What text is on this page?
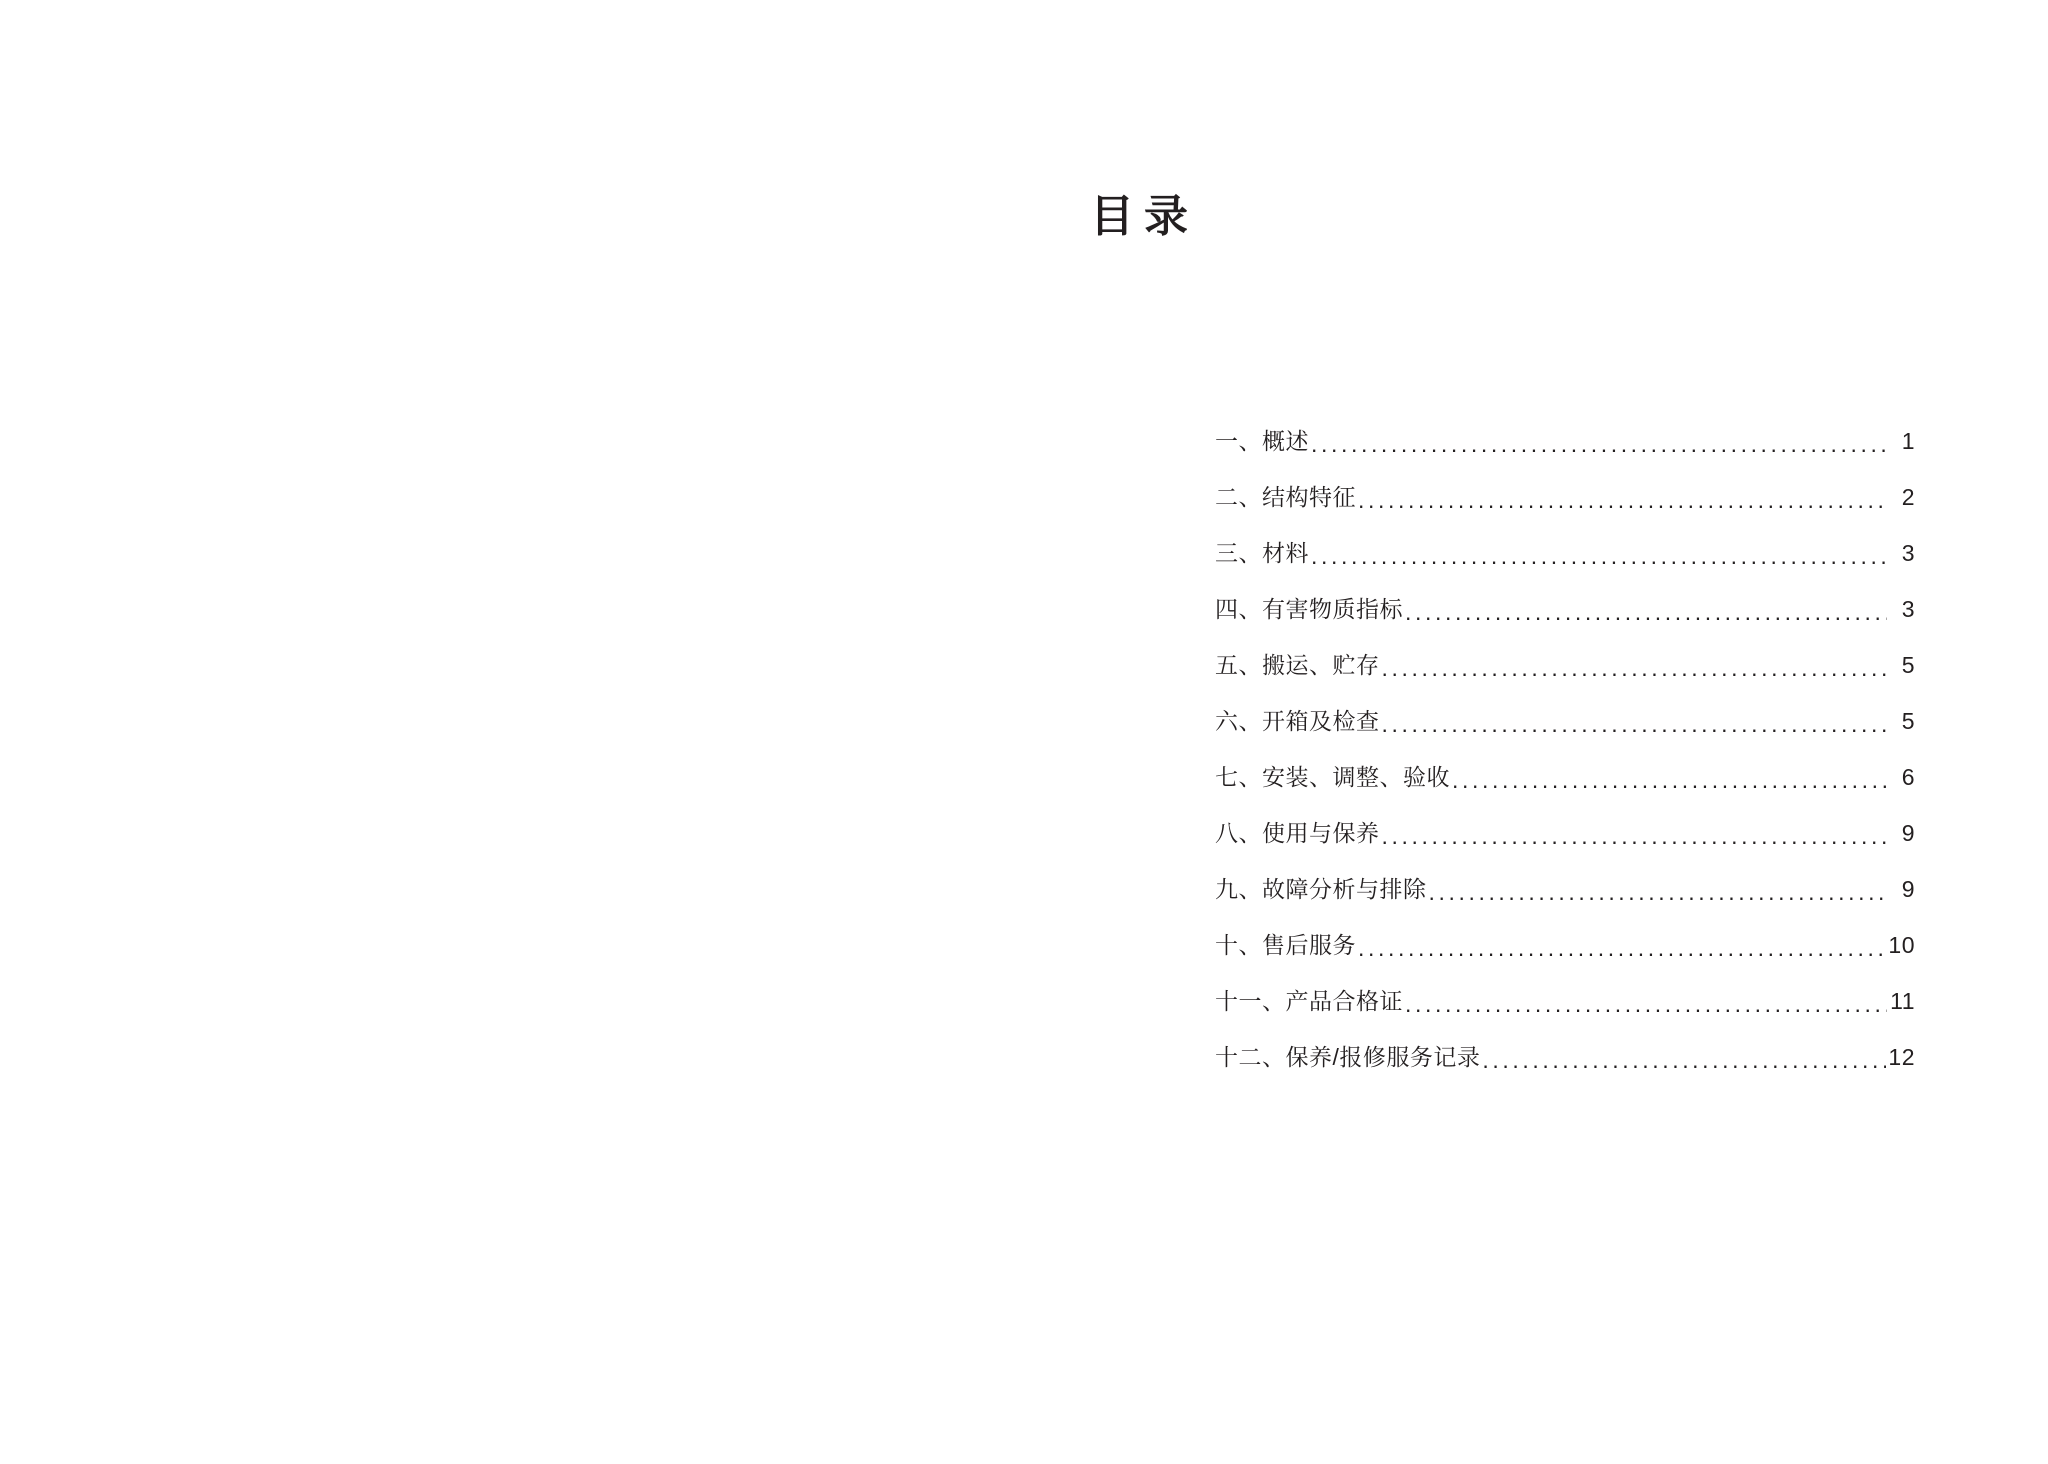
目录
一、概述 .....	1
二、结构特征 .....	2
三、材料 .....	3
四、有害物质指标 .....	3
五、搬运、贮存 .....	5
六、开箱及检查 .....	5
七、安装、调整、验收 .....	6
八、使用与保养 .....	9
九、故障分析与排除 .....	9
十、售后服务 .....	10
十一、产品合格证 .....	11
十二、保养/报修服务记录 .....	12
